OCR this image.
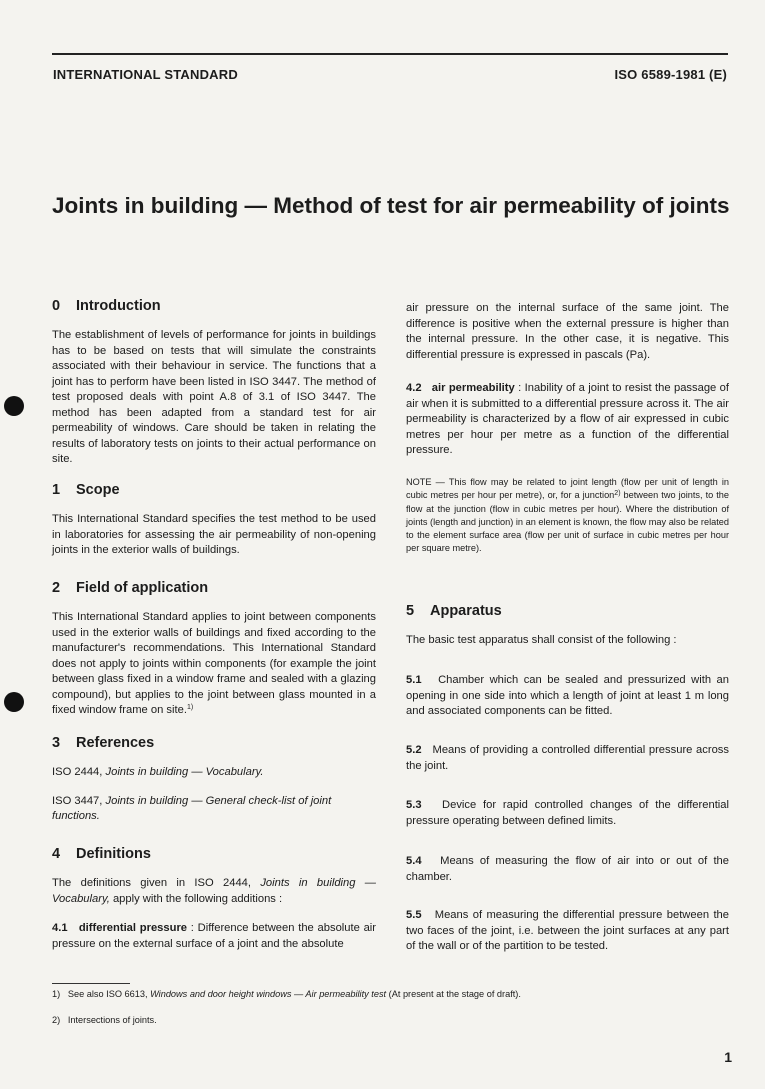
INTERNATIONAL STANDARD	ISO 6589-1981 (E)
Joints in building — Method of test for air permeability of joints
0 Introduction

The establishment of levels of performance for joints in buildings has to be based on tests that will simulate the constraints associated with their behaviour in service. The functions that a joint has to perform have been listed in ISO 3447. The method of test proposed deals with point A.8 of 3.1 of ISO 3447. The method has been adapted from a standard test for air permeability of windows. Care should be taken in relating the results of laboratory tests on joints to their actual performance on site.

1 Scope

This International Standard specifies the test method to be used in laboratories for assessing the air permeability of non-opening joints in the exterior walls of buildings.

2 Field of application

This International Standard applies to joint between components used in the exterior walls of buildings and fixed according to the manufacturer's recommendations. This International Standard does not apply to joints within components (for example the joint between glass fixed in a window frame and sealed with a glazing compound), but applies to the joint between glass mounted in a fixed window frame on site.$^{1)}$

3 References

ISO 2444, Joints in building — Vocabulary.

ISO 3447, Joints in building — General check-list of joint functions.

4 Definitions

The definitions given in ISO 2444, Joints in building — Vocabulary, apply with the following additions :

4.1 differential pressure : Difference between the absolute air pressure on the external surface of a joint and the absolute

air pressure on the internal surface of the same joint. The difference is positive when the external pressure is higher than the internal pressure. In the other case, it is negative. This differential pressure is expressed in pascals (Pa).

4.2 air permeability : Inability of a joint to resist the passage of air when it is submitted to a differential pressure across it. The air permeability is characterized by a flow of air expressed in cubic metres per hour per metre as a function of the differential pressure.

NOTE — This flow may be related to joint length (flow per unit of length in cubic metres per hour per metre), or, for a junction$^{2)}$ between two joints, to the flow at the junction (flow in cubic metres per hour). Where the distribution of joints (length and junction) in an element is known, the flow may also be related to the element surface area (flow per unit of surface in cubic metres per hour per square metre).

5 Apparatus

The basic test apparatus shall consist of the following :

5.1 Chamber which can be sealed and pressurized with an opening in one side into which a length of joint at least 1 m long and associated components can be fitted.

5.2 Means of providing a controlled differential pressure across the joint.

5.3 Device for rapid controlled changes of the differential pressure operating between defined limits.

5.4 Means of measuring the flow of air into or out of the chamber.

5.5 Means of measuring the differential pressure between the two faces of the joint, i.e. between the joint surfaces at any part of the wall or of the partition to be tested.

1) See also ISO 6613, Windows and door height windows — Air permeability test (At present at the stage of draft).
2) Intersections of joints.
1
